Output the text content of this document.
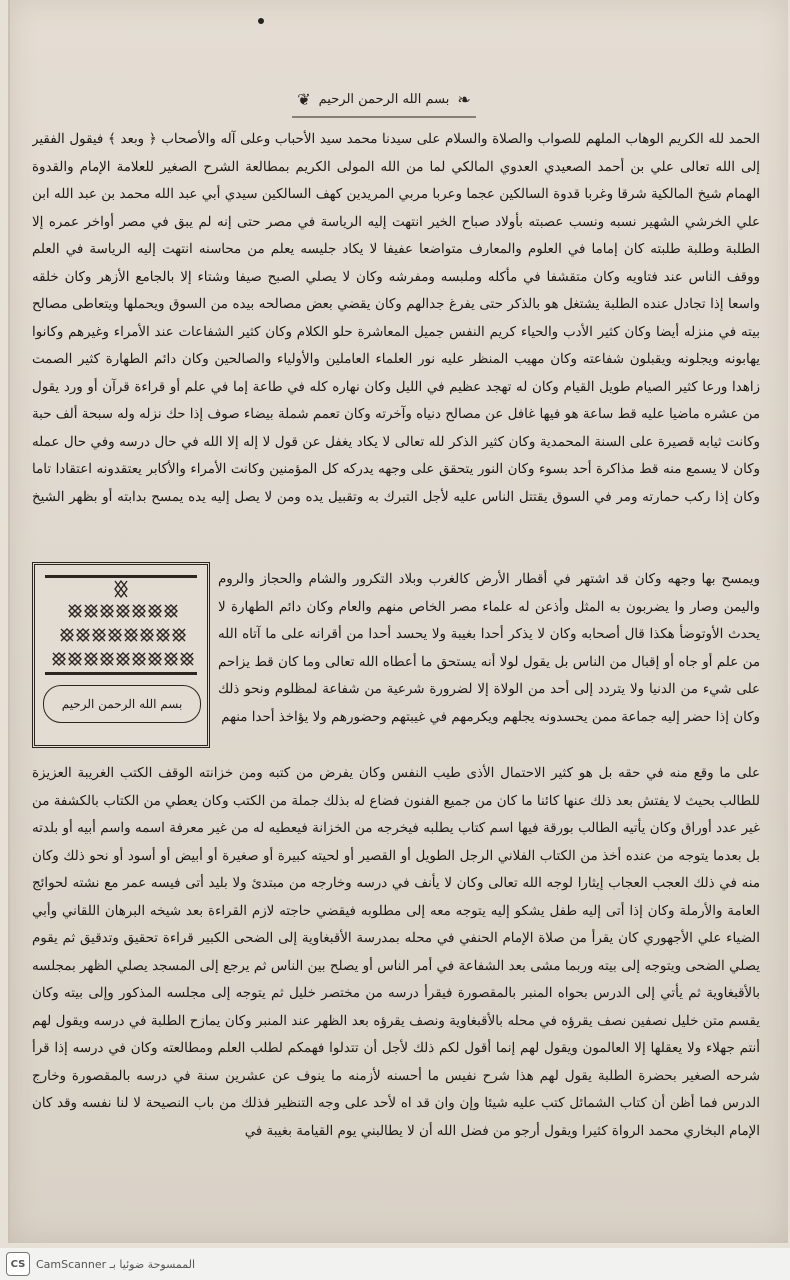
❦ بسم الله الرحمن الرحيم ❧

الحمد لله الكريم الوهاب الملهم للصواب والصلاة والسلام على سيدنا محمد سيد الأحباب وعلى آله والأصحاب ﴿ وبعد ﴾ فيقول الفقير إلى الله تعالى علي بن أحمد الصعيدي العدوي المالكي لما من الله المولى الكريم بمطالعة الشرح الصغير للعلامة الإمام والقدوة الهمام شيخ المالكية شرقا وغربا قدوة السالكين عجما وعربا مربي المريدين كهف السالكين سيدي أبي عبد الله محمد بن عبد الله ابن علي الخرشي الشهير نسبه ونسب عصبته بأولاد صباح الخير انتهت إليه الرياسة في مصر حتى إنه لم يبق في مصر أواخر عمره إلا الطلبة وطلبة طلبته كان إماما في العلوم والمعارف متواضعا عفيفا لا يكاد جليسه يعلم من محاسنه انتهت إليه الرياسة في العلم ووقف الناس عند فتاويه وكان متقشفا في مأكله وملبسه ومفرشه وكان لا يصلي الصبح صيفا وشتاء إلا بالجامع الأزهر وكان خلقه واسعا إذا تجادل عنده الطلبة يشتغل هو بالذكر حتى يفرغ جدالهم وكان يقضي بعض مصالحه بيده من السوق ويحملها ويتعاطى مصالح بيته في منزله أيضا وكان كثير الأدب والحياء كريم النفس جميل المعاشرة حلو الكلام وكان كثير الشفاعات عند الأمراء وغيرهم وكانوا يهابونه ويجلونه ويقبلون شفاعته وكان مهيب المنظر عليه نور العلماء العاملين والأولياء والصالحين وكان دائم الطهارة كثير الصمت زاهدا ورعا كثير الصيام طويل القيام وكان له تهجد عظيم في الليل وكان نهاره كله في طاعة إما في علم أو قراءة قرآن أو ورد يقول من عشره ماضيا عليه قط ساعة هو فيها غافل عن مصالح دنياه وآخرته وكان تعمم شملة بيضاء صوف إذا حك نزله وله سبحة ألف حبة وكانت ثيابه قصيرة على السنة المحمدية وكان كثير الذكر لله تعالى لا يكاد يغفل عن قول لا إله إلا الله في حال درسه وفي حال عمله وكان لا يسمع منه قط مذاكرة أحد بسوء وكان النور يتحقق على وجهه يدركه كل المؤمنين وكانت الأمراء والأكابر يعتقدونه اعتقادا تاما وكان إذا ركب حمارته ومر في السوق يقتتل الناس عليه لأجل التبرك به وتقبيل يده ومن لا يصل إليه يده يمسح بدابته أو بظهر الشيخ

بسم الله الرحمن الرحيم

ويمسح بها وجهه وكان قد اشتهر في أقطار الأرض كالغرب وبلاد التكرور والشام والحجاز والروم واليمن وصار وا يضربون به المثل وأذعن له علماء مصر الخاص منهم والعام وكان دائم الطهارة لا يحدث الأوتوضأ هكذا قال أصحابه وكان لا يذكر أحدا بغيبة ولا يحسد أحدا من أقرانه على ما آتاه الله من علم أو جاه أو إقبال من الناس بل يقول لولا أنه يستحق ما أعطاه الله تعالى وما كان قط يزاحم على شيء من الدنيا ولا يتردد إلى أحد من الولاة إلا لضرورة شرعية من شفاعة لمظلوم ونحو ذلك وكان إذا حضر إليه جماعة ممن يحسدونه يجلهم ويكرمهم في غيبتهم وحضورهم ولا يؤاخذ أحدا منهم

على ما وقع منه في حقه بل هو كثير الاحتمال الأذى طيب النفس وكان يفرض من كتبه ومن خزانته الوقف الكتب الغريبة العزيزة للطالب بحيث لا يفتش بعد ذلك عنها كائنا ما كان من جميع الفنون فضاع له بذلك جملة من الكتب وكان يعطي من الكتاب بالكشفة من غير عدد أوراق وكان يأتيه الطالب بورقة فيها اسم كتاب يطلبه فيخرجه من الخزانة فيعطيه له من غير معرفة اسمه واسم أبيه أو بلدته بل بعدما يتوجه من عنده أخذ من الكتاب الفلاني الرجل الطويل أو القصير أو لحيته كبيرة أو صغيرة أو أبيض أو أسود أو نحو ذلك وكان منه في ذلك العجب العجاب إيثارا لوجه الله تعالى وكان لا يأنف في درسه وخارجه من مبتدئ ولا بليد أتى فيسه عمر مع نشته لحوائج العامة والأرملة وكان إذا أتى إليه طفل يشكو إليه يتوجه معه إلى مطلوبه فيقضي حاجته لازم القراءة بعد شيخه البرهان اللقاني وأبي الضياء علي الأجهوري كان يقرأ من صلاة الإمام الحنفي في محله بمدرسة الأقبغاوية إلى الضحى الكبير قراءة تحقيق وتدقيق ثم يقوم يصلي الضحى ويتوجه إلى بيته وربما مشى بعد الشفاعة في أمر الناس أو يصلح بين الناس ثم يرجع إلى المسجد يصلي الظهر بمجلسه بالأقبغاوية ثم يأتي إلى الدرس بحواه المنبر بالمقصورة فيقرأ درسه من مختصر خليل ثم يتوجه إلى مجلسه المذكور وإلى بيته وكان يقسم متن خليل نصفين نصف يقرؤه في محله بالأقبغاوية ونصف يقرؤه بعد الظهر عند المنبر وكان يمازح الطلبة في درسه ويقول لهم أنتم جهلاء ولا يعقلها إلا العالمون ويقول لهم إنما أقول لكم ذلك لأجل أن تتدلوا فهمكم لطلب العلم ومطالعته وكان في درسه إذا قرأ شرحه الصغير بحضرة الطلبة يقول لهم هذا شرح نفيس ما أحسنه لأزمنه ما ينوف عن عشرين سنة في درسه بالمقصورة وخارج الدرس فما أظن أن كتاب الشمائل كتب عليه شيئا وإن وان قد اه لأحد على وجه التنظير فذلك من باب النصيحة لا لنا نفسه وقد كان الإمام البخاري محمد الرواة كثيرا ويقول أرجو من فضل الله أن لا يطالبني يوم القيامة بغيبة في

CS الممسوحة ضوئيا بـ CamScanner
